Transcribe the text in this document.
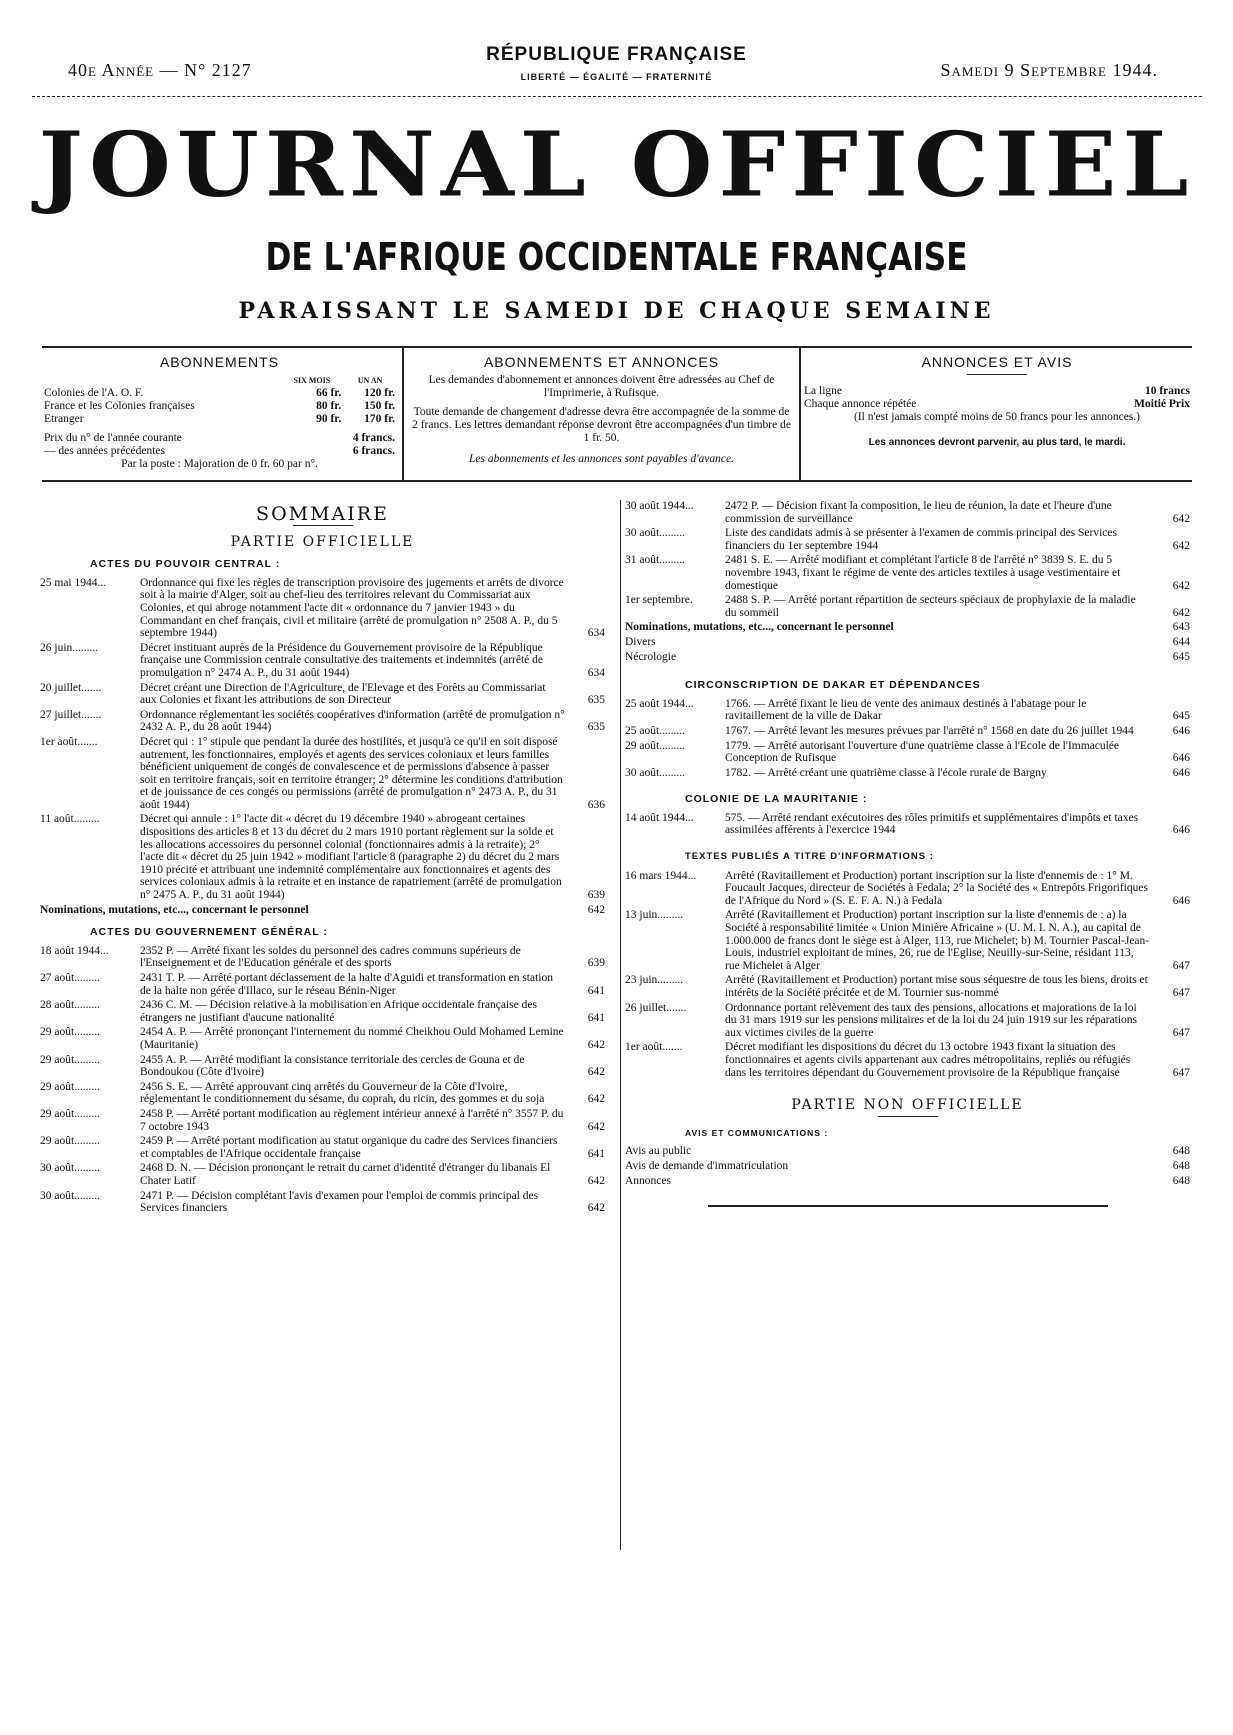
40e Année — N° 2127
RÉPUBLIQUE FRANÇAISE
LIBERTÉ — ÉGALITÉ — FRATERNITÉ	Samedi 9 Septembre 1944.
JOURNAL OFFICIEL
DE L'AFRIQUE OCCIDENTALE FRANÇAISE
PARAISSANT LE SAMEDI DE CHAQUE SEMAINE
ABONNEMENTS
	SIX MOIS	UN AN
Colonies de l'A. O. F.	66 fr.	120 fr.
France et les Colonies françaises	80 fr.	150 fr.
Etranger	90 fr.	170 fr.
Prix du n° de l'année courante	4 francs.
— des années précédentes	6 francs.
Par la poste : Majoration de 0 fr. 60 par n°.
ABONNEMENTS ET ANNONCES
Les demandes d'abonnement et annonces doivent être adressées au Chef de l'Imprimerie, à Rufisque.
Toute demande de changement d'adresse devra être accompagnée de la somme de 2 francs. Les lettres demandant réponse devront être accompagnées d'un timbre de 1 fr. 50.
Les abonnements et les annonces sont payables d'avance.
ANNONCES ET AVIS
La ligne	10 francs
Chaque annonce répétée	Moitié Prix
(Il n'est jamais compté moins de 50 francs pour les annonces.)
Les annonces devront parvenir, au plus tard, le mardi.
SOMMAIRE
PARTIE OFFICIELLE
ACTES DU POUVOIR CENTRAL :
25 mai 1944...	Ordonnance qui fixe les règles de transcription provisoire des jugements et arrêts de divorce soit à la mairie d'Alger, soit au chef-lieu des territoires relevant du Commissariat aux Colonies, et qui abroge notamment l'acte dit « ordonnance du 7 janvier 1943 » du Commandant en chef français, civil et militaire (arrêté de promulgation n° 2508 A. P., du 5 septembre 1944)	634
26 juin.........	Décret instituant auprès de la Présidence du Gouvernement provisoire de la République française une Commission centrale consultative des traitements et indemnités (arrêté de promulgation n° 2474 A. P., du 31 août 1944)	634
20 juillet.......	Décret créant une Direction de l'Agriculture, de l'Elevage et des Forêts au Commissariat aux Colonies et fixant les attributions de son Directeur	635
27 juillet.......	Ordonnance réglementant les sociétés coopératives d'information (arrêté de promulgation n° 2432 A. P., du 28 août 1944)	635
1er août.......	Décret qui : 1° stipule que pendant la durée des hostilités, et jusqu'à ce qu'il en soit disposé autrement, les fonctionnaires, employés et agents des services coloniaux et leurs familles bénéficient uniquement de congés de convalescence et de permissions d'absence à passer soit en territoire français, soit en territoire étranger; 2° détermine les conditions d'attribution et de jouissance de ces congés ou permissions (arrêté de promulgation n° 2473 A. P., du 31 août 1944)	636
11 août.........	Décret qui annule : 1° l'acte dit « décret du 19 décembre 1940 » abrogeant certaines dispositions des articles 8 et 13 du décret du 2 mars 1910 portant règlement sur la solde et les allocations accessoires du personnel colonial (fonctionnaires admis à la retraite); 2° l'acte dit « décret du 25 juin 1942 » modifiant l'article 8 (paragraphe 2) du décret du 2 mars 1910 précité et attribuant une indemnité complémentaire aux fonctionnaires et agents des services coloniaux admis à la retraite et en instance de rapatriement (arrêté de promulgation n° 2475 A. P., du 31 août 1944)	639
Nominations, mutations, etc..., concernant le personnel	642
ACTES DU GOUVERNEMENT GÉNÉRAL :
18 août 1944...	2352 P. — Arrêté fixant les soldes du personnel des cadres communs supérieurs de l'Enseignement et de l'Education générale et des sports	639
27 août.........	2431 T. P. — Arrêté portant déclassement de la halte d'Aguidi et transformation en station de la halte non gérée d'Illaco, sur le réseau Bénin-Niger	641
28 août.........	2436 C. M. — Décision relative à la mobilisation en Afrique occidentale française des étrangers ne justifiant d'aucune nationalité	641
29 août.........	2454 A. P. — Arrêté prononçant l'internement du nommé Cheikhou Ould Mohamed Lemine (Mauritanie)	642
29 août.........	2455 A. P. — Arrêté modifiant la consistance territoriale des cercles de Gouna et de Bondoukou (Côte d'Ivoire)	642
29 août.........	2456 S. E. — Arrêté approuvant cinq arrêtés du Gouverneur de la Côte d'Ivoire, réglementant le conditionnement du sésame, du coprah, du ricin, des gommes et du soja	642
29 août.........	2458 P. — Arrêté portant modification au règlement intérieur annexé à l'arrêté n° 3557 P. du 7 octobre 1943	642
29 août.........	2459 P. — Arrêté portant modification au statut organique du cadre des Services financiers et comptables de l'Afrique occidentale française	641
30 août.........	2468 D. N. — Décision prononçant le retrait du carnet d'identité d'étranger du libanais El Chater Latif	642
30 août.........	2471 P. — Décision complétant l'avis d'examen pour l'emploi de commis principal des Services financiers	642
30 août 1944...	2472 P. — Décision fixant la composition, le lieu de réunion, la date et l'heure d'une commission de surveillance	642
30 août.........	Liste des candidats admis à se présenter à l'examen de commis principal des Services financiers du 1er septembre 1944	642
31 août.........	2481 S. E. — Arrêté modifiant et complétant l'article 8 de l'arrêté n° 3839 S. E. du 5 novembre 1943, fixant le régime de vente des articles textiles à usage vestimentaire et domestique	642
1er septembre.	2488 S. P. — Arrêté portant répartition de secteurs spéciaux de prophylaxie de la maladie du sommeil	642
Nominations, mutations, etc..., concernant le personnel	643
Divers	644
Nécrologie	645
CIRCONSCRIPTION DE DAKAR ET DÉPENDANCES
25 août 1944...	1766. — Arrêté fixant le lieu de vente des animaux destinés à l'abatage pour le ravitaillement de la ville de Dakar	645
25 août.........	1767. — Arrêté levant les mesures prévues par l'arrêté n° 1568 en date du 26 juillet 1944	646
29 août.........	1779. — Arrêté autorisant l'ouverture d'une quatrième classe à l'Ecole de l'Immaculée Conception de Rufisque	646
30 août.........	1782. — Arrêté créant une quatrième classe à l'école rurale de Bargny	646
COLONIE DE LA MAURITANIE :
14 août 1944...	575. — Arrêté rendant exécutoires des rôles primitifs et supplémentaires d'impôts et taxes assimilées afférents à l'exercice 1944	646
TEXTES PUBLIÉS A TITRE D'INFORMATIONS :
16 mars 1944...	Arrêté (Ravitaillement et Production) portant inscription sur la liste d'ennemis de : 1° M. Foucault Jacques, directeur de Sociétés à Fedala; 2° la Société des « Entrepôts Frigorifiques de l'Afrique du Nord » (S. E. F. A. N.) à Fedala	646
13 juin.........	Arrêté (Ravitaillement et Production) portant inscription sur la liste d'ennemis de : a) la Société à responsabilité limitée « Union Minière Africaine » (U. M. I. N. A.), au capital de 1.000.000 de francs dont le siège est à Alger, 113, rue Michelet; b) M. Tournier Pascal-Jean-Louis, industriel exploitant de mines, 26, rue de l'Eglise, Neuilly-sur-Seine, résidant 113, rue Michelet à Alger	647
23 juin.........	Arrêté (Ravitaillement et Production) portant mise sous séquestre de tous les biens, droits et intérêts de la Société précitée et de M. Tournier sus-nommé	647
26 juillet.......	Ordonnance portant relèvement des taux des pensions, allocations et majorations de la loi du 31 mars 1919 sur les pensions militaires et de la loi du 24 juin 1919 sur les réparations aux victimes civiles de la guerre	647
1er août.......	Décret modifiant les dispositions du décret du 13 octobre 1943 fixant la situation des fonctionnaires et agents civils appartenant aux cadres métropolitains, repliés ou réfugiés dans les territoires dépendant du Gouvernement provisoire de la République française	647
PARTIE NON OFFICIELLE
AVIS ET COMMUNICATIONS :
Avis au public	648
Avis de demande d'immatriculation	648
Annonces	648
